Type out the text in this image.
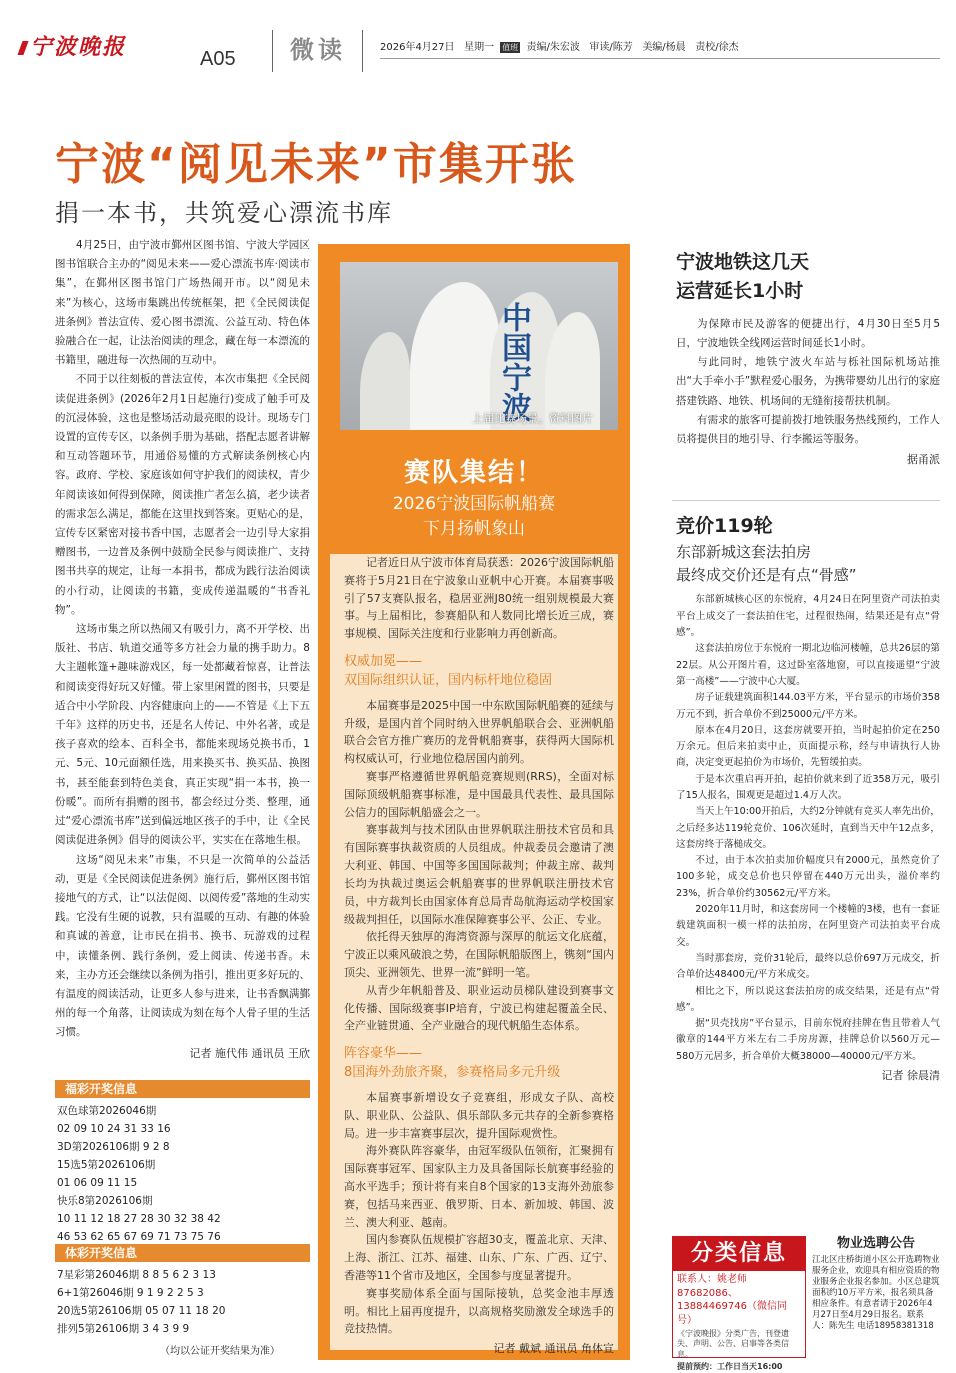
宁波晚报	A05 微读	2026年4月27日 星期一 值班 责编/朱宏波 审读/陈芳 美编/杨晨 责校/徐杰
宁波“阅见未来”市集开张
捐一本书，共筑爱心漂流书库

4月25日，由宁波市鄞州区图书馆、宁波大学园区图书馆联合主办的“阅见未来——爱心漂流书库·阅读市集”，在鄞州区图书馆门广场热闹开市。以“阅见未来”为核心，这场市集跳出传统框架，把《全民阅读促进条例》普法宣传、爱心图书漂流、公益互动、特色体验融合在一起，让法治阅读的理念，藏在每一本漂流的书籍里，融进每一次热闹的互动中。

不同于以往刻板的普法宣传，本次市集把《全民阅读促进条例》(2026年2月1日起施行)变成了触手可及的沉浸体验，这也是整场活动最亮眼的设计。现场专门设置的宣传专区，以条例手册为基础，搭配志愿者讲解和互动答题环节，用通俗易懂的方式解读条例核心内容。政府、学校、家庭该如何守护我们的阅读权，青少年阅读该如何得到保障，阅读推广者怎么搞，老少读者的需求怎么满足，都能在这里找到答案。更贴心的是，宣传专区紧密对接书香中国，志愿者会一边引导大家捐赠图书，一边普及条例中鼓励全民参与阅读推广、支持图书共享的规定，让每一本捐书，都成为践行法治阅读的小行动，让阅读的书籍，变成传递温暖的“书香礼物”。

这场市集之所以热闹又有吸引力，离不开学校、出版社、书店、轨道交通等多方社会力量的携手助力。8大主题帐篷+趣味游戏区，每一处都藏着惊喜，让普法和阅读变得好玩又好懂。带上家里闲置的图书，只要是适合中小学阶段、内容健康向上的——不管是《上下五千年》这样的历史书，还是名人传记、中外名著，或是孩子喜欢的绘本、百科全书，都能来现场兑换书币，1元、5元、10元面额任选，用来换买书、换买品、换图书，甚至能套到特色美食，真正实现“捐一本书，换一份暖”。而所有捐赠的图书，都会经过分类、整理，通过“爱心漂流书库”送到偏远地区孩子的手中，让《全民阅读促进条例》倡导的阅读公平，实实在在落地生根。

这场“阅见未来”市集，不只是一次简单的公益活动，更是《全民阅读促进条例》施行后，鄞州区图书馆接地气的方式，让“以法促阅、以阅传爱”落地的生动实践。它没有生硬的说教，只有温暖的互动、有趣的体验和真诚的善意，让市民在捐书、换书、玩游戏的过程中，读懂条例、践行条例，爱上阅读、传递书香。未来，主办方还会继续以条例为指引，推出更多好玩的、有温度的阅读活动，让更多人参与进来，让书香飘满鄞州的每一个角落，让阅读成为刻在每个人骨子里的生活习惯。

记者 施代伟 通讯员 王欣
福彩开奖信息
双色球第2026046期
02 09 10 24 31 33 16
3D第2026106期 9 2 8
15选5第2026106期
01 06 09 11 15
快乐8第2026106期
10 11 12 18 27 28 30 32 38 42
46 53 62 65 67 69 71 73 75 76
体彩开奖信息
7星彩第26046期 8 8 5 6 2 3 13
6+1第26046期 9 1 9 2 2 5 3
20选5第26106期 05 07 11 18 20
排列5第26106期 3 4 3 9 9
（均以公证开奖结果为准）
中国宁波
上届比赛场景。资料图片
赛队集结！
2026宁波国际帆船赛
下月扬帆象山

记者近日从宁波市体育局获悉：2026宁波国际帆船赛将于5月21日在宁波象山亚帆中心开赛。本届赛事吸引了57支赛队报名，稳居亚洲J80统一组别规模最大赛事。与上届相比，参赛船队和人数同比增长近三成，赛事规模、国际关注度和行业影响力再创新高。

权威加冕——
双国际组织认证，国内标杆地位稳固

本届赛事是2025中国一中东欧国际帆船赛的延续与升级，是国内首个同时纳入世界帆船联合会、亚洲帆船联合会官方推广赛历的龙骨帆船赛事，获得两大国际机构权威认可，行业地位稳居国内前列。

赛事严格遵循世界帆船竞赛规则(RRS)，全面对标国际顶级帆船赛事标准，是中国最具代表性、最具国际公信力的国际帆船盛会之一。

赛事裁判与技术团队由世界帆联注册技术官员和具有国际赛事执裁资质的人员组成。仲裁委员会邀请了澳大利亚、韩国、中国等多国国际裁判；仲裁主席、裁判长均为执裁过奥运会帆船赛事的世界帆联注册技术官员，中方裁判长由国家体育总局青岛航海运动学校国家级裁判担任，以国际水准保障赛事公平、公正、专业。

依托得天独厚的海湾资源与深厚的航运文化底蕴，宁波正以乘风破浪之势，在国际帆船版图上，镌刻“国内顶尖、亚洲领先、世界一流”鲜明一笔。

从青少年帆船普及、职业运动员梯队建设到赛事文化传播、国际级赛事IP培育，宁波已构建起覆盖全民、全产业链贯通、全产业融合的现代帆船生态体系。

阵容豪华——
8国海外劲旅齐聚，参赛格局多元升级

本届赛事新增设女子竞赛组，形成女子队、高校队、职业队、公益队、俱乐部队多元共存的全新参赛格局。进一步丰富赛事层次，提升国际观赏性。

海外赛队阵容豪华，由冠军级队伍领衔，汇聚拥有国际赛事冠军、国家队主力及具备国际长航赛事经验的高水平选手；预计将有来自8个国家的13支海外劲旅参赛，包括马来西亚、俄罗斯、日本、新加坡、韩国、波兰、澳大利亚、越南。

国内参赛队伍规模扩容超30支，覆盖北京、天津、上海、浙江、江苏、福建、山东、广东、广西、辽宁、香港等11个省市及地区，全国参与度显著提升。

赛事奖励体系全面与国际接轨，总奖金池丰厚透明。相比上届再度提升，以高规格奖励激发全球选手的竞技热情。

记者 戴斌 通讯员 角体宣
宁波地铁这几天
运营延长1小时

为保障市民及游客的便捷出行，4月30日至5月5日，宁波地铁全线网运营时间延长1小时。

与此同时，地铁宁波火车站与栎社国际机场站推出“大手牵小手”默程爱心服务，为携带婴幼儿出行的家庭搭建铁路、地铁、机场间的无缝衔接帮扶机制。

有需求的旅客可提前拨打地铁服务热线预约，工作人员将提供目的地引导、行李搬运等服务。

据甬派
竞价119轮
东部新城这套法拍房
最终成交价还是有点“骨感”

东部新城核心区的东悦府，4月24日在阿里资产司法拍卖平台上成交了一套法拍住宅，过程很热闹，结果还是有点“骨感”。

这套法拍房位于东悦府一期北边临河楼幢，总共26层的第22层。从公开图片看，这过卧室落地窗，可以直接遥望“宁波第一高楼”——宁波中心大厦。

房子证载建筑面积144.03平方米，平台显示的市场价358万元不到，折合单价不到25000元/平方米。

原本在4月20日，这套房就要开拍，当时起拍价定在250万余元。但后来拍卖中止，页面提示称，经与申请执行人协商，决定变更起拍价为市场价，先暂缓拍卖。

于是本次重启再开拍，起拍价就来到了近358万元，吸引了15人报名，围观更是超过1.4万人次。

当天上午10:00开拍后，大约2分钟就有竞买人率先出价，之后经多达119轮竞价、106次延时，直到当天中午12点多，这套房终于落槌成交。

不过，由于本次拍卖加价幅度只有2000元，虽然竞价了100多轮，成交总价也只停留在440万元出头，溢价率约23%，折合单价约30562元/平方米。

2020年11月时，和这套房同一个楼幢的3楼，也有一套证载建筑面积一模一样的法拍房，在阿里资产司法拍卖平台成交。

当时那套房，竞价31轮后，最终以总价697万元成交，折合单价达48400元/平方米成交。

相比之下，所以说这套法拍房的成交结果，还是有点“骨感”。

据“贝壳找房”平台显示，目前东悦府挂牌在售且带着人气徽章的144平方米左右二手房房源，挂牌总价以560万元—580万元居多，折合单价大概38000—40000元/平方米。

记者 徐晨清
分类信息
联系人：姚老师87682086、13884469746（微信同号）
《宁波晚报》分类广告，刊登遗失、声明、公告、启事等各类信息。
提前预约：工作日当天16:00
物业选聘公告
江北区庄桥街道小区公开选聘物业服务企业，欢迎具有相应资质的物业服务企业报名参加。小区总建筑面积约10万平方米，报名须具备相应条件。有意者请于2026年4月27日至4月29日报名。联系人：陈先生 电话18958381318
